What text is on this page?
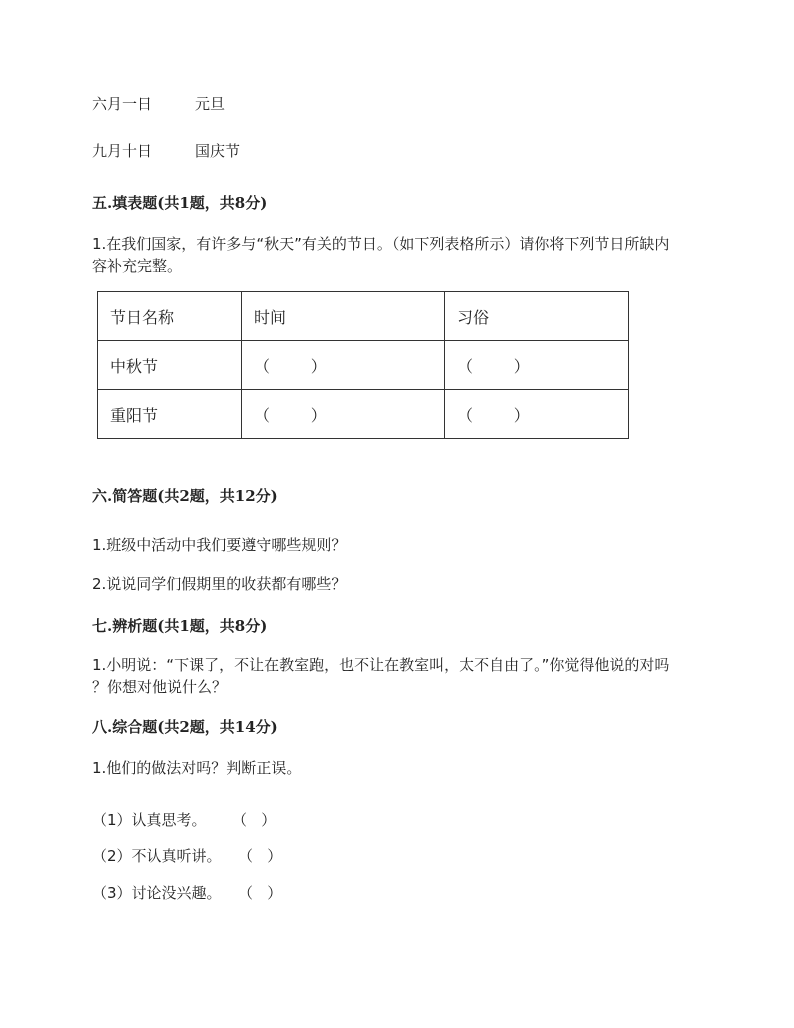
六月一日	元旦
九月十日	国庆节
五.填表题(共1题，共8分)
1.在我们国家，有许多与“秋天”有关的节日。（如下列表格所示）请你将下列节日所缺内
容补充完整。
节日名称	时间	习俗
中秋节	（        ）	（        ）
重阳节	（        ）	（        ）
六.简答题(共2题，共12分)
1.班级中活动中我们要遵守哪些规则？
2.说说同学们假期里的收获都有哪些？
七.辨析题(共1题，共8分)
1.小明说：“下课了，不让在教室跑，也不让在教室叫，太不自由了。”你觉得他说的对吗
？你想对他说什么？
八.综合题(共2题，共14分)
1.他们的做法对吗？判断正误。
（1）认真思考。 （   ）
（2）不认真听讲。 （   ）
（3）讨论没兴趣。 （   ）
